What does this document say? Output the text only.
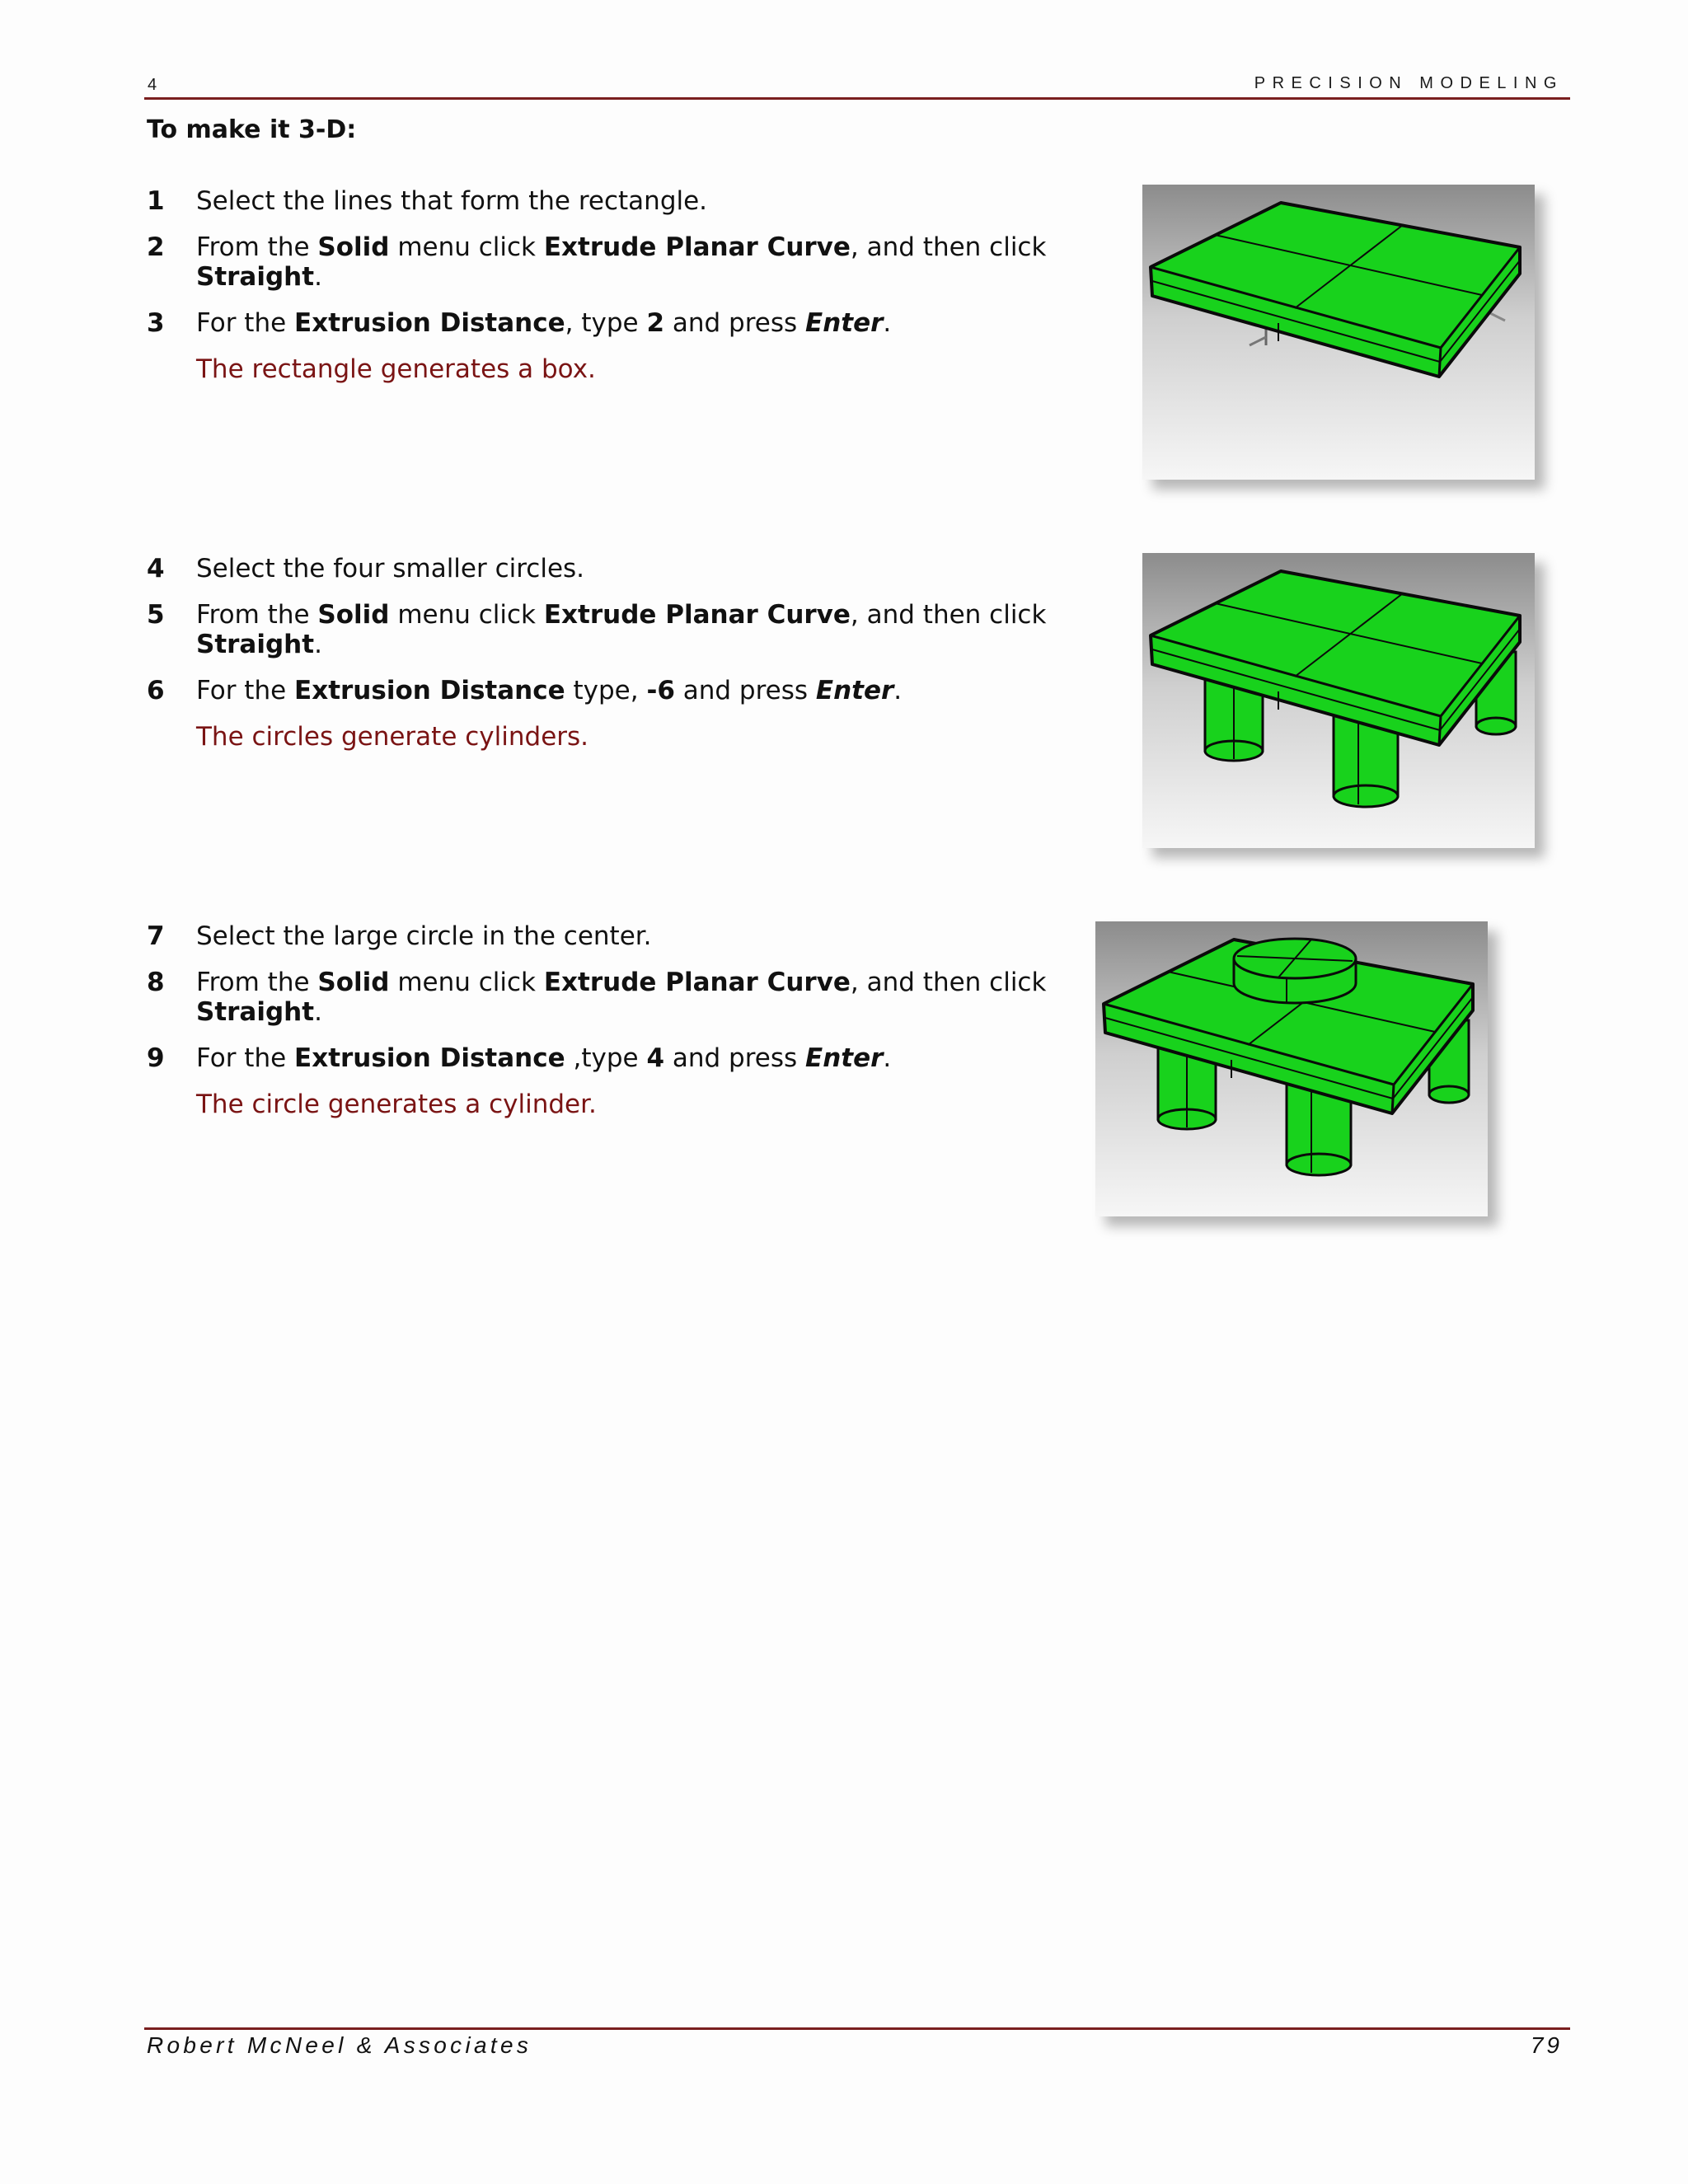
4	PRECISION MODELING
To make it 3-D:
1 Select the lines that form the rectangle.
2 From the Solid menu click Extrude Planar Curve, and then click
Straight.
3 For the Extrusion Distance, type 2 and press Enter.
The rectangle generates a box.
4 Select the four smaller circles.
5 From the Solid menu click Extrude Planar Curve, and then click
Straight.
6 For the Extrusion Distance type, -6 and press Enter.
The circles generate cylinders.
7 Select the large circle in the center.
8 From the Solid menu click Extrude Planar Curve, and then click
Straight.
9 For the Extrusion Distance ,type 4 and press Enter.
The circle generates a cylinder.
Robert McNeel & Associates	79
